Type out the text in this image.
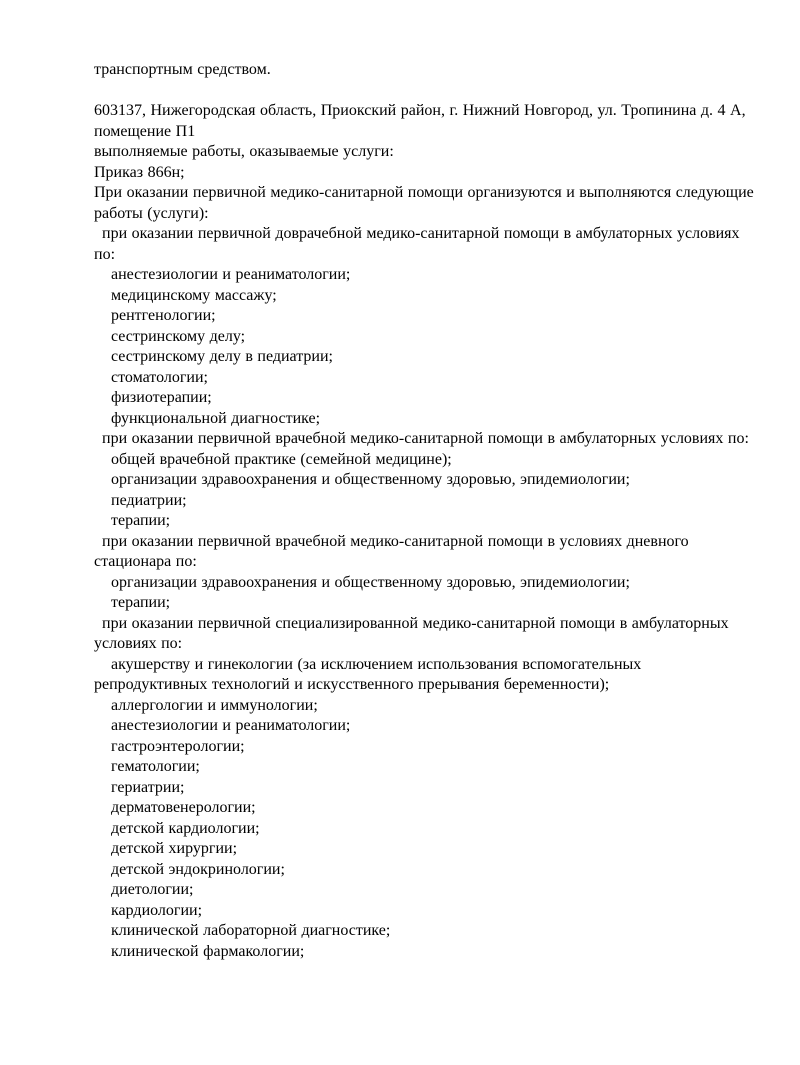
транспортным средством.

603137, Нижегородская область, Приокский район, г. Нижний Новгород, ул. Тропинина д. 4 А, помещение П1

выполняемые работы, оказываемые услуги:

Приказ 866н;

При оказании первичной медико-санитарной помощи организуются и выполняются следующие работы (услуги):

при оказании первичной доврачебной медико-санитарной помощи в амбулаторных условиях по:

анестезиологии и реаниматологии;

медицинскому массажу;

рентгенологии;

сестринскому делу;

сестринскому делу в педиатрии;

стоматологии;

физиотерапии;

функциональной диагностике;

при оказании первичной врачебной медико-санитарной помощи в амбулаторных условиях по:

общей врачебной практике (семейной медицине);

организации здравоохранения и общественному здоровью, эпидемиологии;

педиатрии;

терапии;

при оказании первичной врачебной медико-санитарной помощи в условиях дневного стационара по:

организации здравоохранения и общественному здоровью, эпидемиологии;

терапии;

при оказании первичной специализированной медико-санитарной помощи в амбулаторных условиях по:

акушерству и гинекологии (за исключением использования вспомогательных репродуктивных технологий и искусственного прерывания беременности);

аллергологии и иммунологии;

анестезиологии и реаниматологии;

гастроэнтерологии;

гематологии;

гериатрии;

дерматовенерологии;

детской кардиологии;

детской хирургии;

детской эндокринологии;

диетологии;

кардиологии;

клинической лабораторной диагностике;

клинической фармакологии;
